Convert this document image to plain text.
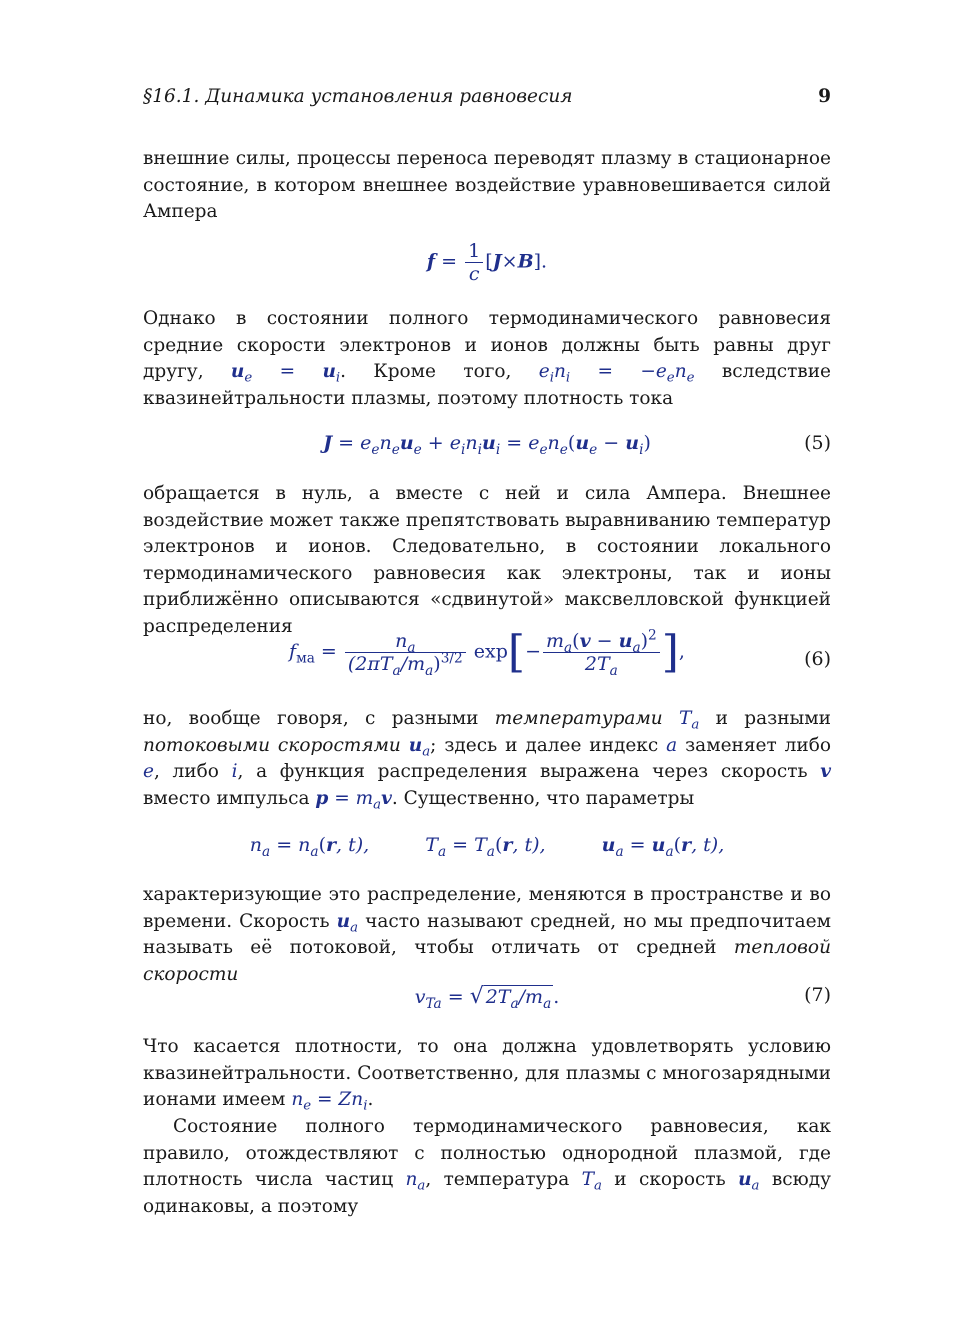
§16.1. Динамика установления равновесия	9

внешние силы, процессы переноса переводят плазму в стационарное состояние, в котором внешнее воздействие уравновешивается силой Ампера

$f = \frac{1}{c} [J\times B]$.

Однако в состоянии полного термодинамического равновесия средние скорости электронов и ионов должны быть равны друг другу, $u_e = u_i$. Кроме того, $e_in_i = -e_en_e$ вследствие квазинейтральности плазмы, поэтому плотность тока

$J = e_en_eu_e + e_in_iu_i = e_en_e(u_e - u_i)$	(5)

обращается в нуль, а вместе с ней и сила Ампера. Внешнее воздействие может также препятствовать выравниванию температур электронов и ионов. Следовательно, в состоянии локального термодинамического равновесия как электроны, так и ионы приближённо описываются «сдвинутой» максвелловской функцией распределения

$f_{мa} = \frac{n_a}{(2\pi T_a/m_a)^{3/2}} \exp[- \frac{m_a(v - u_a)^2}{2T_a}$ ],	(6)

но, вообще говоря, с разными температурами $T_a$ и разными потоковыми скоростями $u_a$; здесь и далее индекс a заменяет либо e, либо i, а функция распределения выражена через скорость v вместо импульса $p = m_av$. Существенно, что параметры

$n_a = n_a(r$, t),	$T_a = T_a(r$, t),	$u_a = u_a(r$, t),

характеризующие это распределение, меняются в пространстве и во времени. Скорость $u_a$ часто называют средней, но мы предпочитаем называть её потоковой, чтобы отличать от средней тепловой скорости

$v_{Ta}$ = √ $2T_a/m_a$ .	(7)

Что касается плотности, то она должна удовлетворять условию квазинейтральности. Соответственно, для плазмы с многозарядными ионами имеем $n_e = Zn_i$.

Состояние полного термодинамического равновесия, как правило, отождествляют с полностью однородной плазмой, где плотность числа частиц $n_a$, температура $T_a$ и скорость $u_a$ всюду одинаковы, а поэтому
